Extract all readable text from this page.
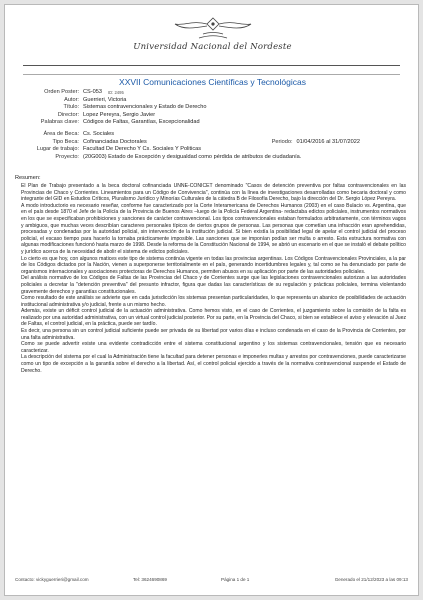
Universidad Nacional del Nordeste
XXVII Comunicaciones Científicas y Tecnológicas
Orden Poster: CS-053 ID: 2495
Autor: Guerrieri, Victoria
Título: Sistemas contravencionales y Estado de Derecho
Director: Lopez Pereyra, Sergio Javier
Palabras clave: Códigos de Faltas, Garantías, Excepcionalidad
Área de Beca: Cs. Sociales
Tipo Beca: Cofinanciadas Doctorales	Periodo: 01/04/2016 al 31/07/2022
Lugar de trabajo: Facultad De Derecho Y Cs. Sociales Y Politicas
Proyecto: (20G003) Estado de Excepción y desigualdad como pérdida de atributos de ciudadanía.
Resumen:

El Plan de Trabajo presentado a la beca doctoral cofinanciada UNNE-CONICET denominado "Casos de detención preventiva por faltas contravencionales en las Provincias de Chaco y Corrientes. Lineamientos para un Código de Convivencia", continúa con la línea de investigaciones desarrolladas como becaria doctoral y como integrante del GID en Estudios Críticos, Pluralismo Jurídico y Minorías Culturales de la cátedra B de Filosofía Derecho, bajo la dirección del Dr. Sergio López Pereyra.

A modo introductorio es necesario reseñar, conforme fue caracterizado por la Corte Interamericana de Derechos Humanos (2003) en el caso Bulacio vs. Argentina, que en el país desde 1870 el Jefe de la Policía de la Provincia de Buenos Aires –luego de la Policía Federal Argentina- redactaba edictos policiales, instrumentos normativos en los que se especificaban prohibiciones y sanciones de carácter contravencional. Los tipos contravencionales estaban formulados arbitrariamente, con términos vagos y ambiguos, que muchas veces describían caracteres personales típicos de ciertos grupos de personas. Las personas que cometían una infracción eran aprehendidas, procesadas y condenadas por la autoridad policial, sin intervención de la institución judicial. Si bien existía la posibilidad legal de apelar el control judicial del proceso policial, el escaso tiempo para hacerlo la tornaba prácticamente imposible. Las sanciones que se imponían podían ser multa o arresto. Esta estructura normativa con algunas modificaciones funcionó hasta marzo de 1998. Desde la reforma de la Constitución Nacional de 1994, se abrió un escenario en el que se instaló el debate político y jurídico acerca de la necesidad de abolir el sistema de edictos policiales.

Lo cierto es que hoy, con algunos matices este tipo de sistema continúa vigente en todas las provincias argentinas. Los Códigos Contravencionales Provinciales, a la par de los Códigos dictados por la Nación, vienen a superponerse territorialmente en el país, generando incertidumbres legales y, tal como se ha denunciado por parte de organismos internacionales y asociaciones protectoras de Derechos Humanos, permiten abusos en su aplicación por parte de las autoridades policiales.

Del análisis normativo de los Códigos de Faltas de las Provincias del Chaco y de Corrientes surge que las legislaciones contravencionales autorizan a las autoridades policiales a decretar la "detención preventiva" del presunto infractor, figura que dadas las características de su regulación y prácticas policiales, termina violentando gravemente derechos y garantías constitucionales.

Como resultado de este análisis se advierte que en cada jurisdicción los sistemas presentan particularidades, lo que representa un abanico de posibilidades de actuación institucional administrativa y/o judicial, frente a un mismo hecho.

Además, existe un déficit control judicial de la actuación administrativa. Como hemos visto, en el caso de Corrientes, el juzgamiento sobre la comisión de la falta es realizado por una autoridad administrativa, con un virtual control judicial posterior. Por su parte, en la Provincia del Chaco, si bien se establece el aviso y elevación al Juez de Faltas, el control judicial, en la práctica, puede ser tardío.

Es decir, una persona sin un control judicial suficiente puede ser privada de su libertad por varios días e incluso condenada en el caso de la Provincia de Corrientes, por una falta administrativa.

Como se puede advertir existe una evidente contradicción entre el sistema constitucional argentino y los sistemas contravencionales, tensión que es necesario caracterizar.

La descripción del sistema por el cual la Administración tiene la facultad para detener personas e imponerles multas y arrestos por contravenciones, puede caracterizarse como un tipo de excepción a la garantía sobre el derecho a la libertad. Así, el control policial ejercido a través de la normativa contravencional suspende el Estado de Derecho.

Contacto: vickyguerrieri@gmail.com	Tel: 3624690869	Página 1 de 1	Generado el 21/12/2023 a las 09:13
